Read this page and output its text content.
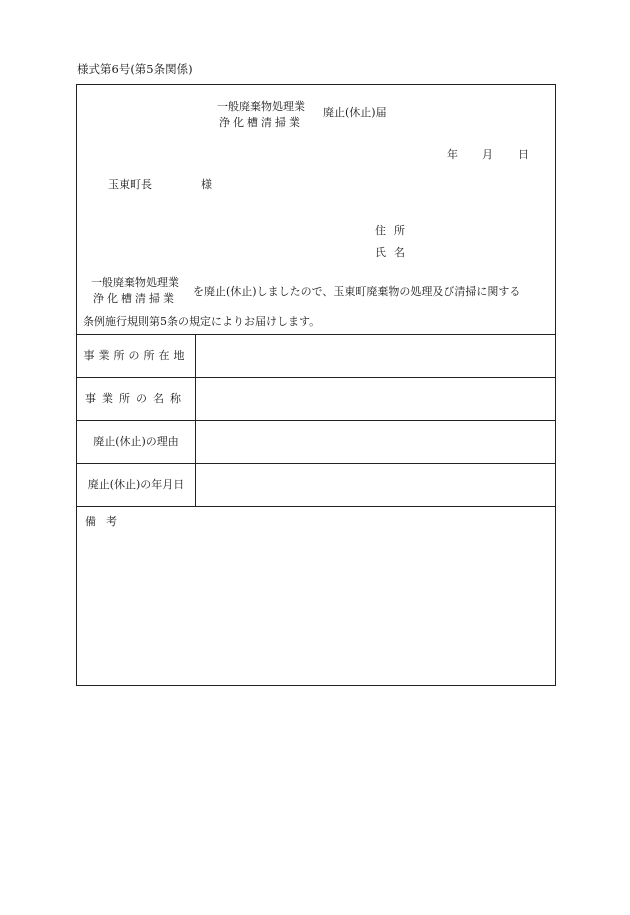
様式第6号(第5条関係)
一般廃棄物処理業
浄化槽清掃業
廃止(休止)届
年 月 日
玉東町長	様
住所
氏名
一般廃棄物処理業
浄化槽清掃業
を廃止(休止)しましたので、玉東町廃棄物の処理及び清掃に関する
条例施行規則第5条の規定によりお届けします。
事業所の所在地
事業所の名称
廃止(休止)の理由
廃止(休止)の年月日
備考
